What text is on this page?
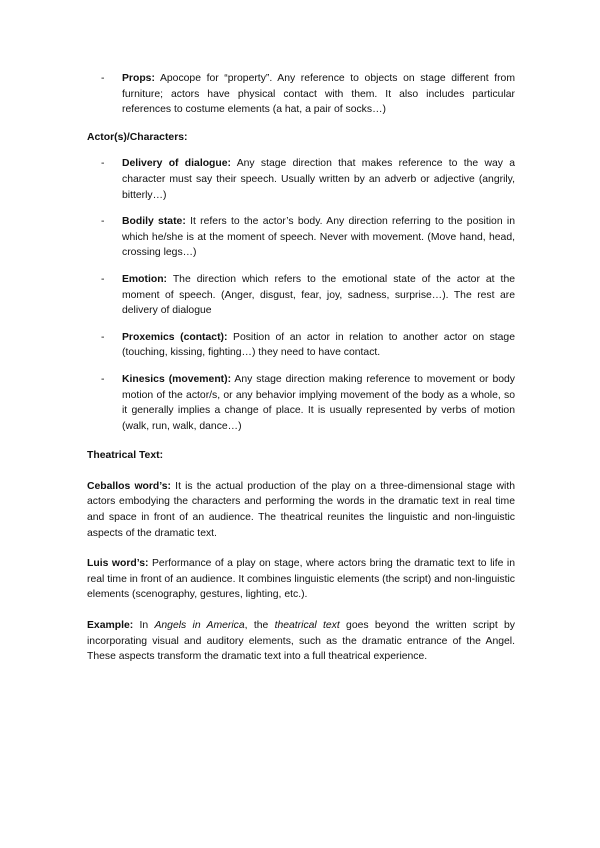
- Props: Apocope for “property”. Any reference to objects on stage different from furniture; actors have physical contact with them. It also includes particular references to costume elements (a hat, a pair of socks…)

Actor(s)/Characters:

- Delivery of dialogue: Any stage direction that makes reference to the way a character must say their speech. Usually written by an adverb or adjective (angrily, bitterly…)
- Bodily state: It refers to the actor’s body. Any direction referring to the position in which he/she is at the moment of speech. Never with movement. (Move hand, head, crossing legs…)
- Emotion: The direction which refers to the emotional state of the actor at the moment of speech. (Anger, disgust, fear, joy, sadness, surprise…). The rest are delivery of dialogue
- Proxemics (contact): Position of an actor in relation to another actor on stage (touching, kissing, fighting…) they need to have contact.
- Kinesics (movement): Any stage direction making reference to movement or body motion of the actor/s, or any behavior implying movement of the body as a whole, so it generally implies a change of place. It is usually represented by verbs of motion (walk, run, walk, dance…)

Theatrical Text:

Ceballos word’s: It is the actual production of the play on a three-dimensional stage with actors embodying the characters and performing the words in the dramatic text in real time and space in front of an audience. The theatrical reunites the linguistic and non-linguistic aspects of the dramatic text.

Luis word’s: Performance of a play on stage, where actors bring the dramatic text to life in real time in front of an audience. It combines linguistic elements (the script) and non-linguistic elements (scenography, gestures, lighting, etc.).

Example: In Angels in America, the theatrical text goes beyond the written script by incorporating visual and auditory elements, such as the dramatic entrance of the Angel. These aspects transform the dramatic text into a full theatrical experience.
